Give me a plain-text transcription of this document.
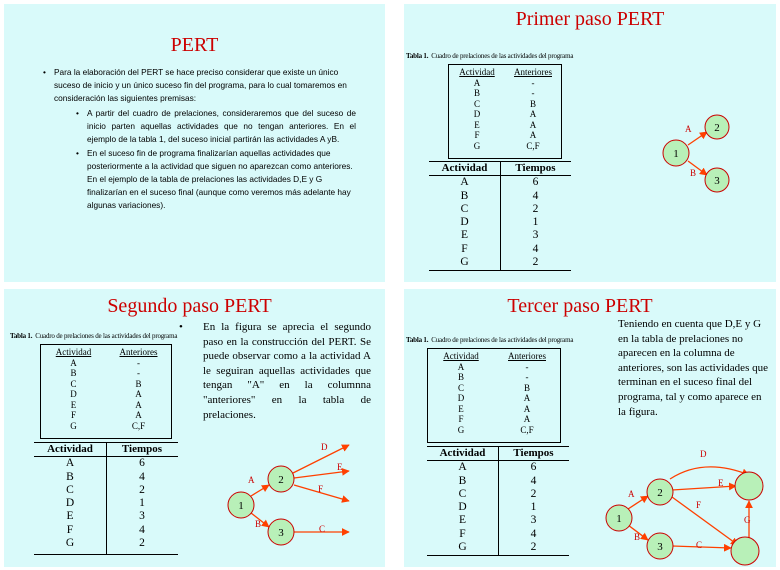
PERT
• Para la elaboración del PERT se hace preciso considerar que existe un único suceso de inicio y un único suceso fin del programa, para lo cual tomaremos en consideración las siguientes premisas:
• A partir del cuadro de prelaciones, consideraremos que del suceso de inicio parten aquellas actividades que no tengan anteriores. En el ejemplo de la tabla 1, del suceso inicial partirán las actividades A yB.
• En el suceso fin de programa finalizarían aquellas actividades que posteriormente a la actividad que siguen no aparezcan como anteriores. En el ejemplo de la tabla de prelaciones las actividades D,E y G finalizarían en el suceso final (aunque como veremos más adelante hay algunas variaciones).
Primer paso PERT
Tabla 1. Cuadro de prelaciones de las actividades del programa
Actividad
A
B
C
D
E
F
G
Anteriores
-
-
B
A
A
A
C,F
Actividad
A
B
C
D
E
F
G
Tiempos
6
4
2
1
3
4
2
A
B
1
2
3
Segundo paso PERT
Tabla 1. Cuadro de prelaciones de las actividades del programa
Actividad
A
B
C
D
E
F
G
Anteriores
-
-
B
A
A
A
C,F
Actividad
A
B
C
D
E
F
G
Tiempos
6
4
2
1
3
4
2
En la figura se aprecia el segundo paso en la construcción del PERT. Se puede observar como a la actividad A le seguiran aquellas actividades que tengan "A" en la columnna "anteriores" en la tabla de prelaciones.
A
B
D
E
F
C
1
2
3
Tercer paso PERT
Tabla 1. Cuadro de prelaciones de las actividades del programa
Actividad
A
B
C
D
E
F
G
Anteriores
-
-
B
A
A
A
C,F
Actividad
A
B
C
D
E
F
G
Tiempos
6
4
2
1
3
4
2
Teniendo en cuenta que D,E y G en la tabla de prelaciones no aparecen en la columna de anteriores, son las actividades que terminan en el suceso final del programa, tal y como aparece en la figura.
A
B
D
E
F
C
G
1
2
3
